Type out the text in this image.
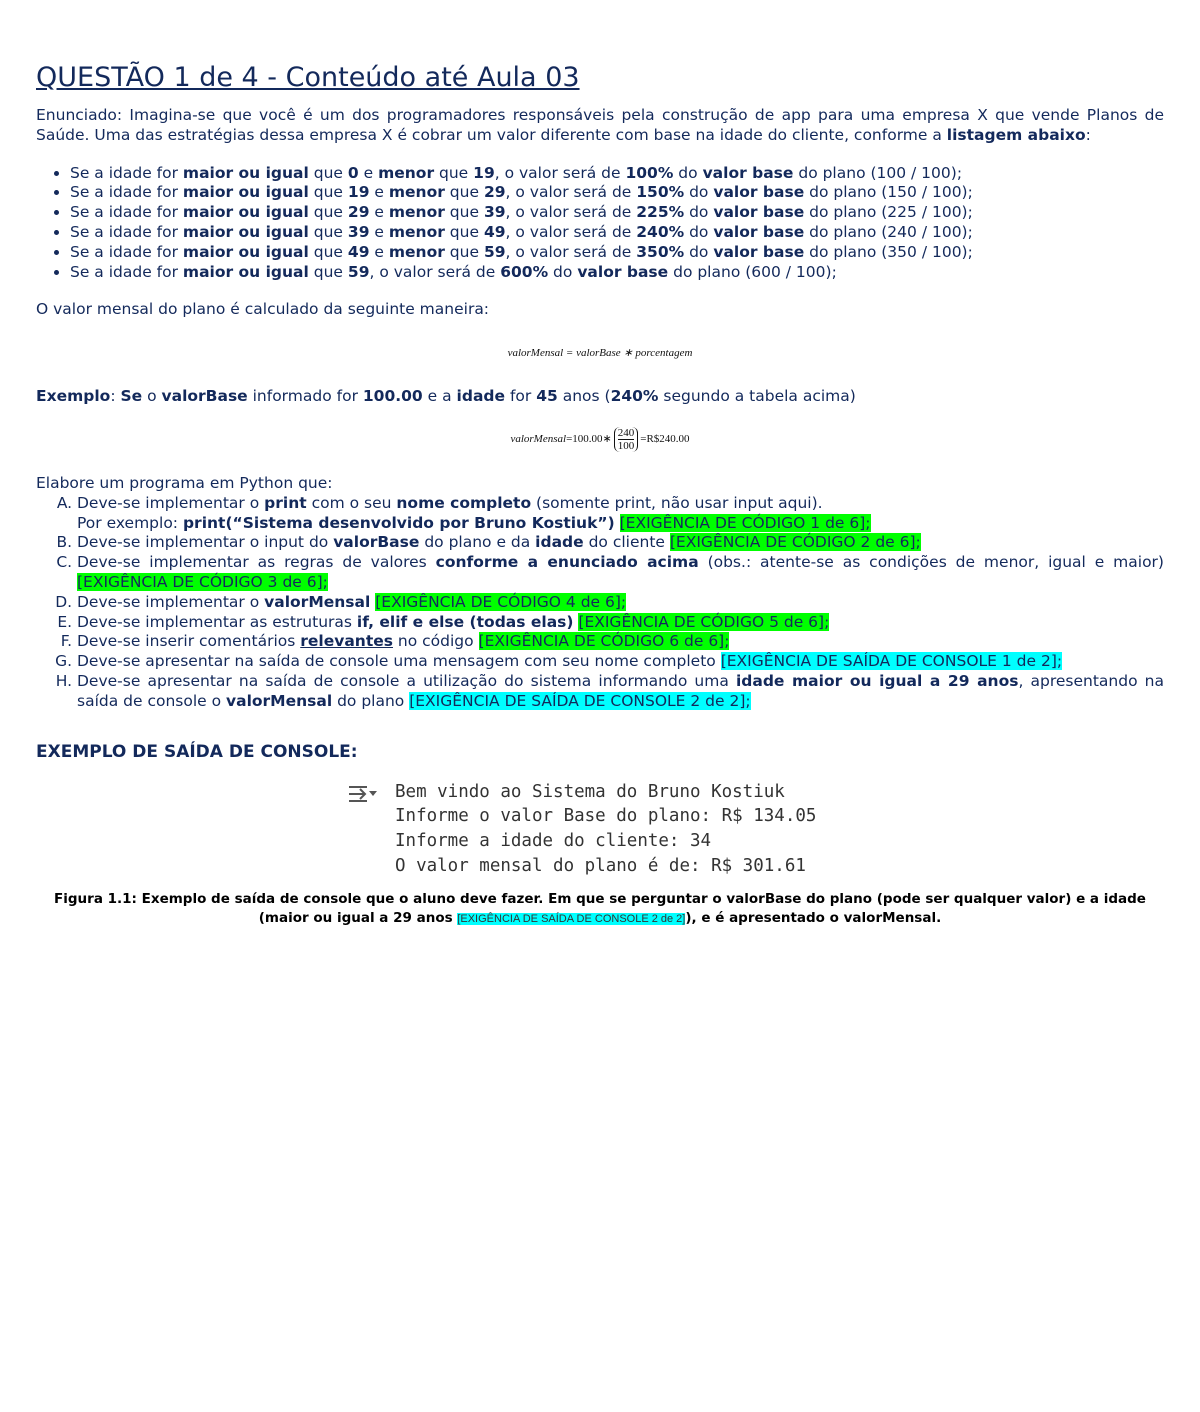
QUESTÃO 1 de 4 - Conteúdo até Aula 03

Enunciado: Imagina-se que você é um dos programadores responsáveis pela construção de app para uma empresa X que vende Planos de Saúde. Uma das estratégias dessa empresa X é cobrar um valor diferente com base na idade do cliente, conforme a listagem abaixo:

• Se a idade for maior ou igual que 0 e menor que 19, o valor será de 100% do valor base do plano (100 / 100);
• Se a idade for maior ou igual que 19 e menor que 29, o valor será de 150% do valor base do plano (150 / 100);
• Se a idade for maior ou igual que 29 e menor que 39, o valor será de 225% do valor base do plano (225 / 100);
• Se a idade for maior ou igual que 39 e menor que 49, o valor será de 240% do valor base do plano (240 / 100);
• Se a idade for maior ou igual que 49 e menor que 59, o valor será de 350% do valor base do plano (350 / 100);
• Se a idade for maior ou igual que 59, o valor será de 600% do valor base do plano (600 / 100);

O valor mensal do plano é calculado da seguinte maneira:

valorMensal = valorBase ∗ porcentagem

Exemplo: Se o valorBase informado for 100.00 e a idade for 45 anos (240% segundo a tabela acima)

valorMensal=100.00∗ $\frac{240}{100}$ =R$240.00

Elabore um programa em Python que:

A. Deve-se implementar o print com o seu nome completo (somente print, não usar input aqui).
Por exemplo: print(“Sistema desenvolvido por Bruno Kostiuk”) [EXIGÊNCIA DE CÓDIGO 1 de 6];
B. Deve-se implementar o input do valorBase do plano e da idade do cliente [EXIGÊNCIA DE CÓDIGO 2 de 6];
C. Deve-se implementar as regras de valores conforme a enunciado acima (obs.: atente-se as condições de menor, igual e maior) [EXIGÊNCIA DE CÓDIGO 3 de 6];
D. Deve-se implementar o valorMensal [EXIGÊNCIA DE CÓDIGO 4 de 6];
E. Deve-se implementar as estruturas if, elif e else (todas elas) [EXIGÊNCIA DE CÓDIGO 5 de 6];
F. Deve-se inserir comentários relevantes no código [EXIGÊNCIA DE CÓDIGO 6 de 6];
G. Deve-se apresentar na saída de console uma mensagem com seu nome completo [EXIGÊNCIA DE SAÍDA DE CONSOLE 1 de 2];
H. Deve-se apresentar na saída de console a utilização do sistema informando uma idade maior ou igual a 29 anos, apresentando na saída de console o valorMensal do plano [EXIGÊNCIA DE SAÍDA DE CONSOLE 2 de 2];
EXEMPLO DE SAÍDA DE CONSOLE:
Bem vindo ao Sistema do Bruno Kostiuk
Informe o valor Base do plano: R$ 134.05
Informe a idade do cliente: 34
O valor mensal do plano é de: R$ 301.61
Figura 1.1: Exemplo de saída de console que o aluno deve fazer. Em que se perguntar o valorBase do plano (pode ser qualquer valor) e a idade (maior ou igual a 29 anos [EXIGÊNCIA DE SAÍDA DE CONSOLE 2 de 2]), e é apresentado o valorMensal.
